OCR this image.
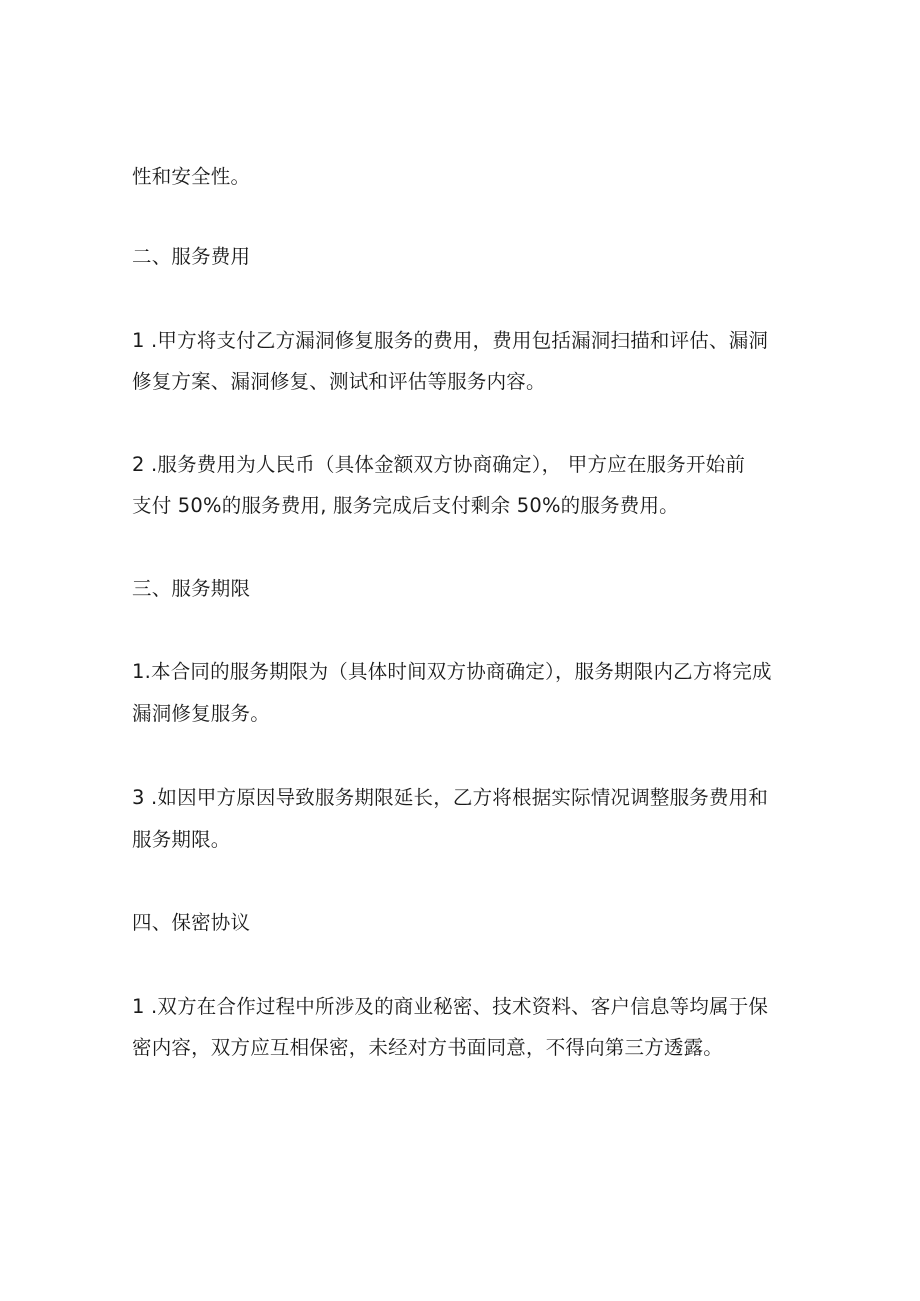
性和安全性。
二、服务费用
1 .甲方将支付乙方漏洞修复服务的费用，费用包括漏洞扫描和评估、漏洞
修复方案、漏洞修复、测试和评估等服务内容。
2 .服务费用为人民币（具体金额双方协商确定）， 甲方应在服务开始前
支付 50%的服务费用, 服务完成后支付剩余 50%的服务费用。
三、服务期限
1.本合同的服务期限为（具体时间双方协商确定），服务期限内乙方将完成
漏洞修复服务。
3 .如因甲方原因导致服务期限延长，乙方将根据实际情况调整服务费用和
服务期限。
四、保密协议
1 .双方在合作过程中所涉及的商业秘密、技术资料、客户信息等均属于保
密内容，双方应互相保密，未经对方书面同意，不得向第三方透露。
